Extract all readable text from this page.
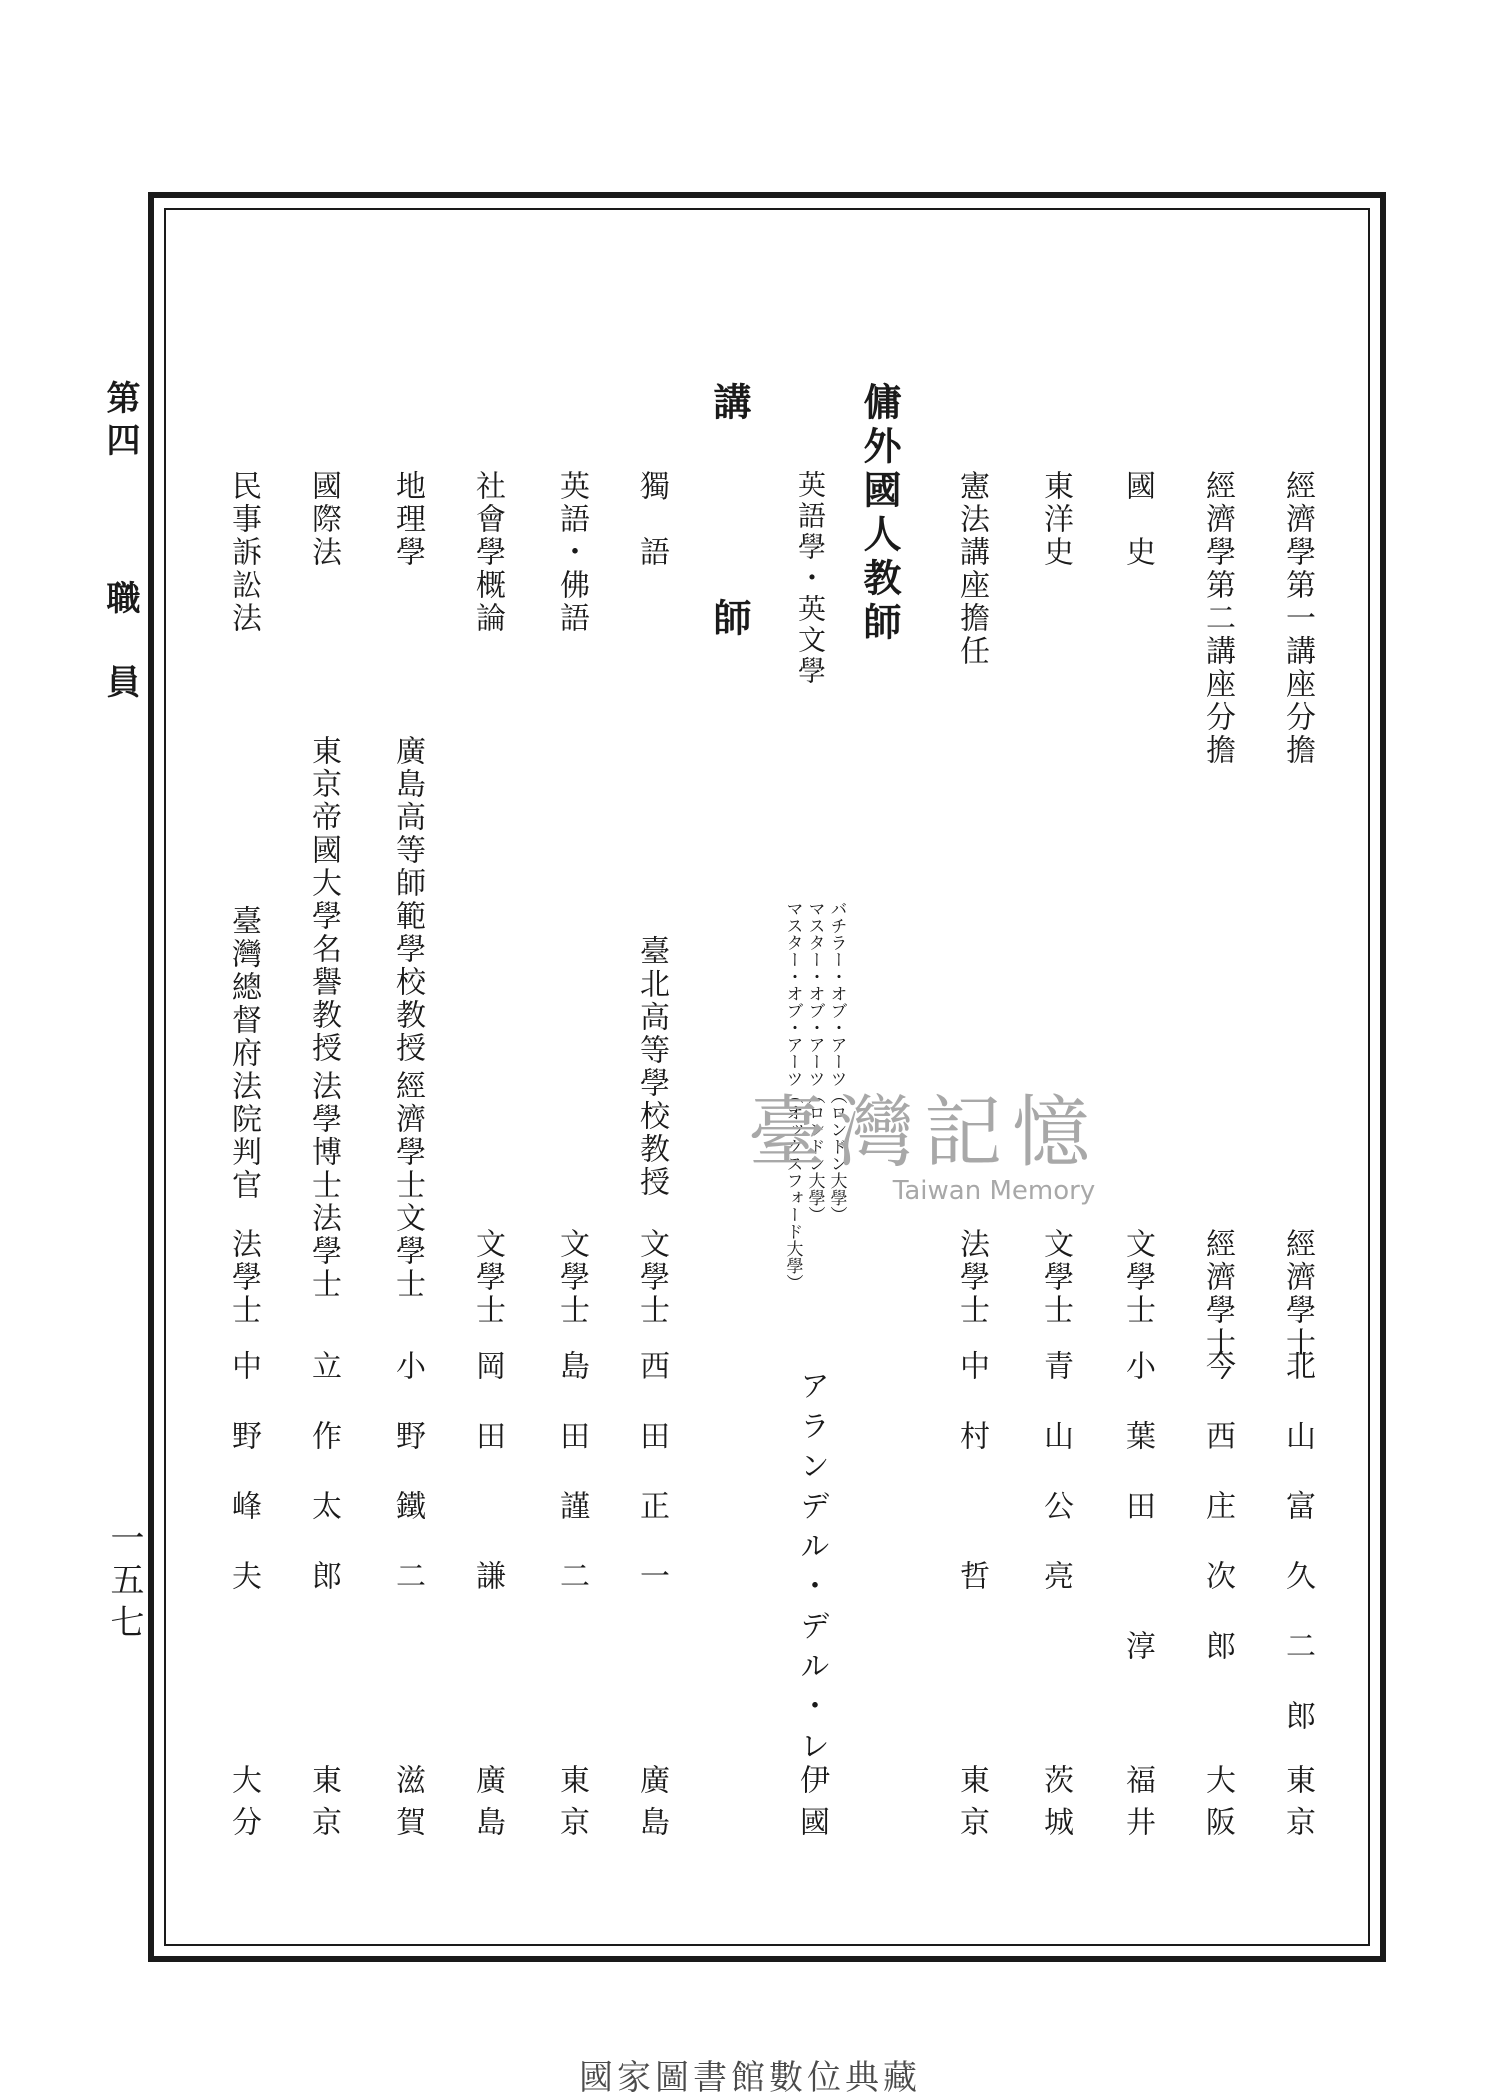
第四
職　員
一五七
傭外國人教師
講　師	經濟學第一講座分擔
經濟學士
北山富久二郎
東京
經濟學第二講座分擔
經濟學士
今西庄次郎
大阪
國　史
文學士
小葉田　淳
福井
東洋史
文學士
青山公亮
茨城
憲法講座擔任
法學士
中村　哲
東京
英語學・英文學
バチラー・オブ・アーツ（ロンドン大學）
マスター・オブ・アーツ（ロンドン大學）
マスター・オブ・アーツ（オックスフォード大學）
アランデル・デル・レ
伊國
獨　語
臺北高等學校教授
文學士
西田正一
廣島
英語・佛語
文學士
島田謹二
東京
社會學概論
文學士
岡田　謙
廣島
地理學
廣島高等師範學校教授
經濟學士文學士
小野鐵二
滋賀
國際法
東京帝國大學名譽教授
法學博士法學士
立作太郎
東京
民事訴訟法
臺灣總督府法院判官
法學士
中野峰夫
大分
臺灣記憶
Taiwan Memory
國家圖書館數位典藏
